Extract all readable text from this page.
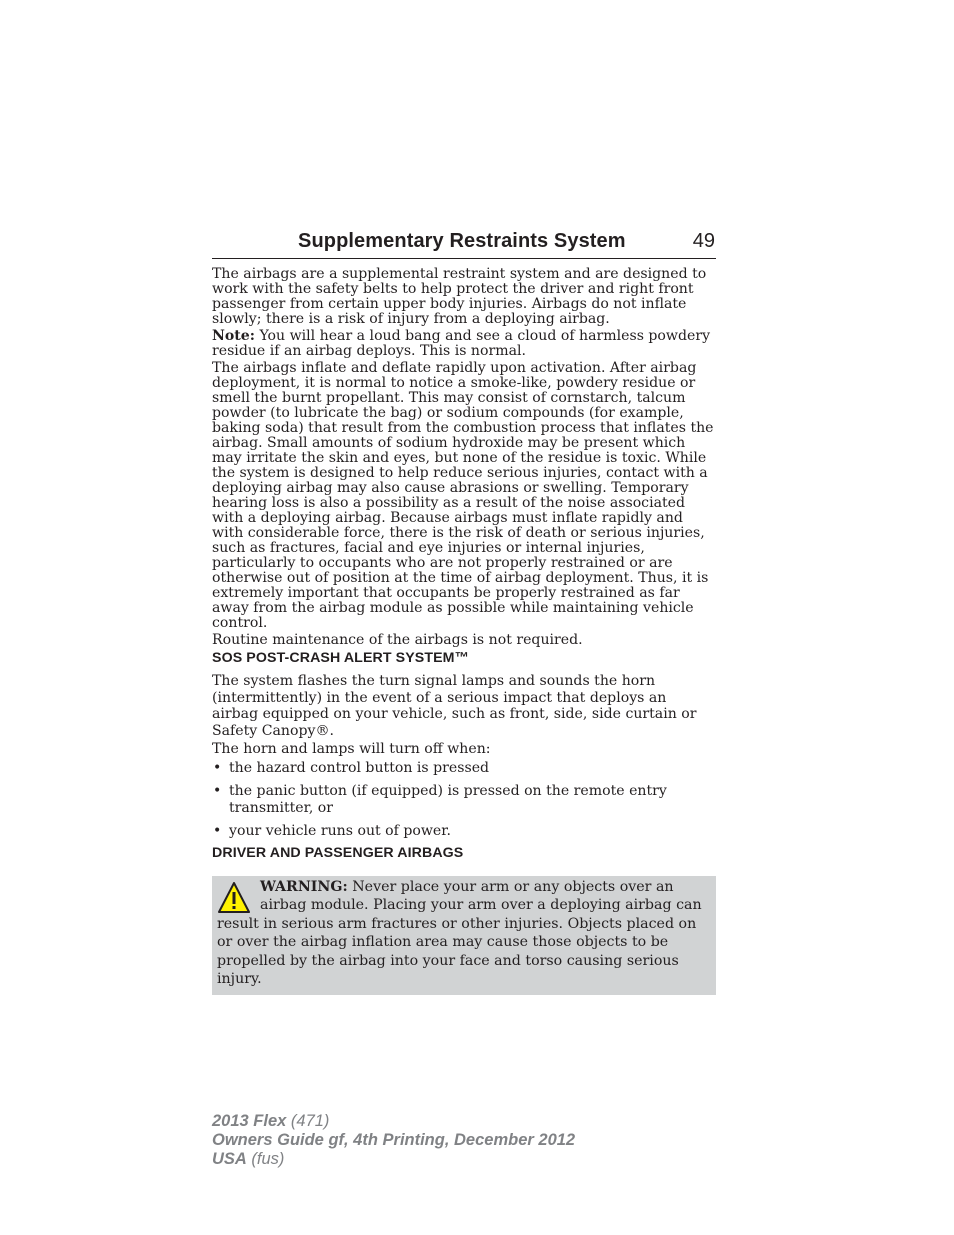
Supplementary Restraints System	49

The airbags are a supplemental restraint system and are designed to work with the safety belts to help protect the driver and right front passenger from certain upper body injuries. Airbags do not inflate slowly; there is a risk of injury from a deploying airbag.

Note: You will hear a loud bang and see a cloud of harmless powdery residue if an airbag deploys. This is normal.

The airbags inflate and deflate rapidly upon activation. After airbag deployment, it is normal to notice a smoke-like, powdery residue or smell the burnt propellant. This may consist of cornstarch, talcum powder (to lubricate the bag) or sodium compounds (for example, baking soda) that result from the combustion process that inflates the airbag. Small amounts of sodium hydroxide may be present which may irritate the skin and eyes, but none of the residue is toxic. While the system is designed to help reduce serious injuries, contact with a deploying airbag may also cause abrasions or swelling. Temporary hearing loss is also a possibility as a result of the noise associated with a deploying airbag. Because airbags must inflate rapidly and with considerable force, there is the risk of death or serious injuries, such as fractures, facial and eye injuries or internal injuries, particularly to occupants who are not properly restrained or are otherwise out of position at the time of airbag deployment. Thus, it is extremely important that occupants be properly restrained as far away from the airbag module as possible while maintaining vehicle control.

Routine maintenance of the airbags is not required.

SOS POST-CRASH ALERT SYSTEM™

The system flashes the turn signal lamps and sounds the horn (intermittently) in the event of a serious impact that deploys an airbag equipped on your vehicle, such as front, side, side curtain or Safety Canopy®.

The horn and lamps will turn off when:

• the hazard control button is pressed
• the panic button (if equipped) is pressed on the remote entry transmitter, or
• your vehicle runs out of power.
DRIVER AND PASSENGER AIRBAGS
WARNING: Never place your arm or any objects over an airbag module. Placing your arm over a deploying airbag can result in serious arm fractures or other injuries. Objects placed on or over the airbag inflation area may cause those objects to be propelled by the airbag into your face and torso causing serious injury.
2013 Flex (471)
Owners Guide gf, 4th Printing, December 2012
USA (fus)
